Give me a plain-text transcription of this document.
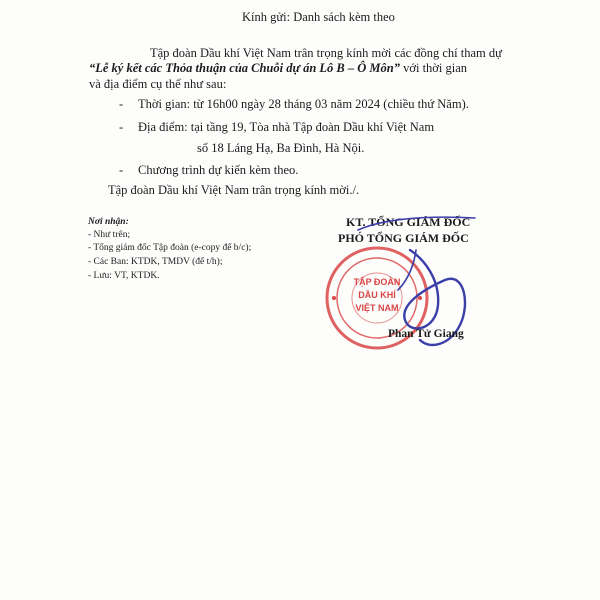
Kính gửi: Danh sách kèm theo
Tập đoàn Dầu khí Việt Nam trân trọng kính mời các đồng chí tham dự
“Lễ ký kết các Thỏa thuận của Chuỗi dự án Lô B – Ô Môn” với thời gian
và địa điểm cụ thể như sau:
- Thời gian: từ 16h00 ngày 28 tháng 03 năm 2024 (chiều thứ Năm).
- Địa điểm: tại tầng 19, Tòa nhà Tập đoàn Dầu khí Việt Nam
số 18 Láng Hạ, Ba Đình, Hà Nội.
- Chương trình dự kiến kèm theo.
Tập đoàn Dầu khí Việt Nam trân trọng kính mời./.
Nơi nhận:
- Như trên;
- Tổng giám đốc Tập đoàn (e-copy để b/c);
- Các Ban: KTDK, TMDV (để t/h);
- Lưu: VT, KTDK.
KT. TỔNG GIÁM ĐỐC
PHÓ TỔNG GIÁM ĐỐC
TẬP ĐOÀN
DẦU KHÍ
VIỆT NAM
Phan Tử Giang
